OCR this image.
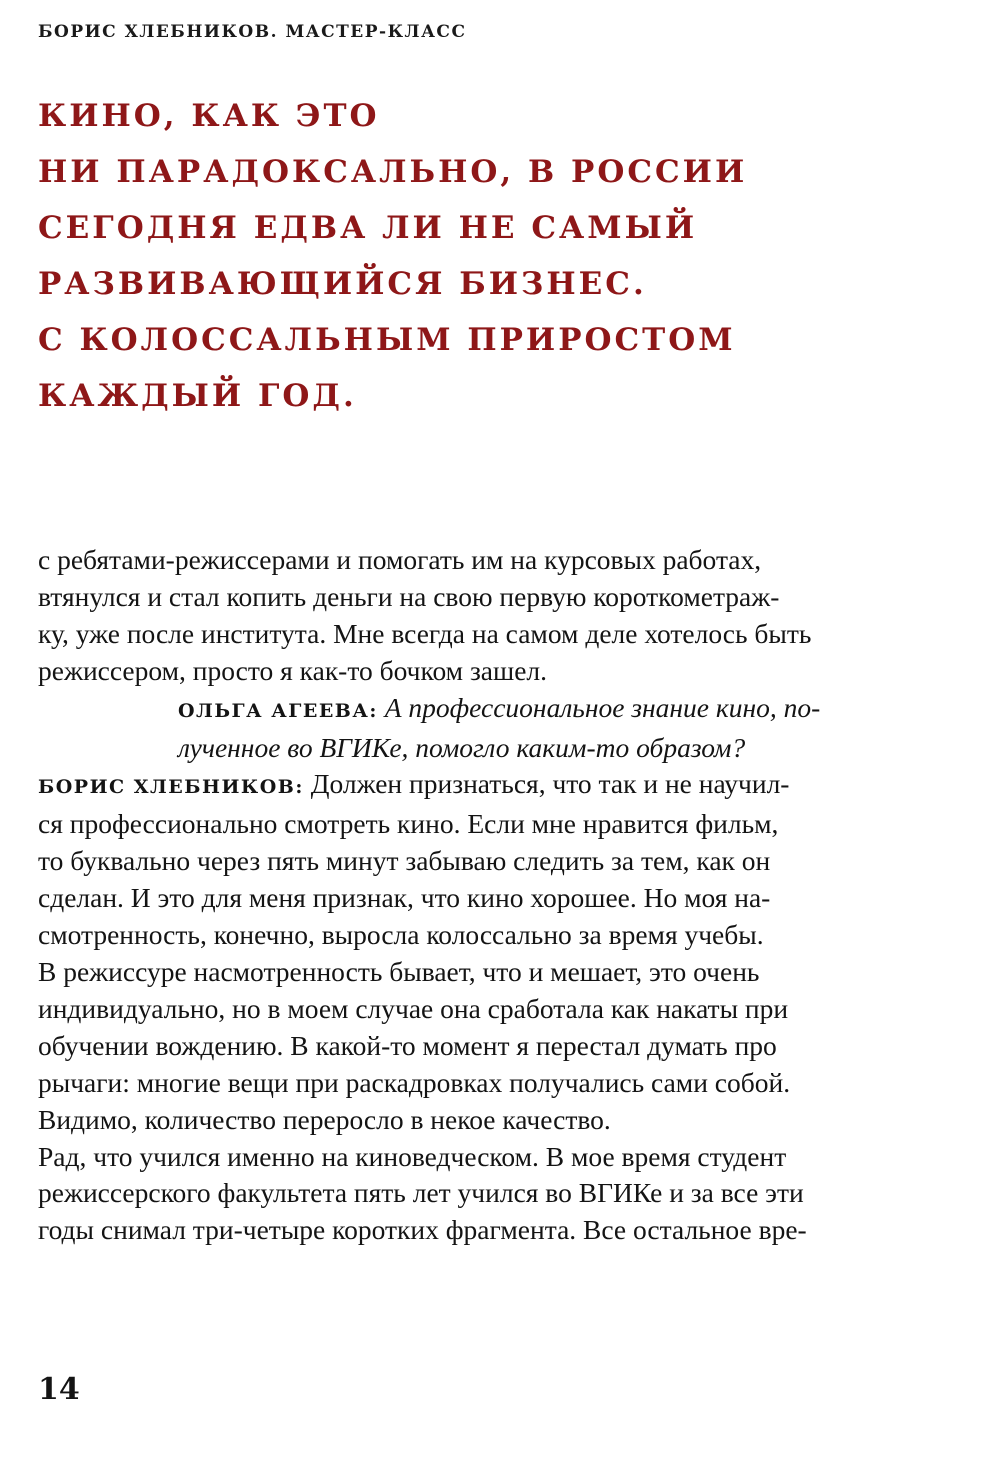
БОРИС ХЛЕБНИКОВ. МАСТЕР-КЛАСС
КИНО, КАК ЭТО
НИ ПАРАДОКСАЛЬНО, В РОССИИ
СЕГОДНЯ ЕДВА ЛИ НЕ САМЫЙ
РАЗВИВАЮЩИЙСЯ БИЗНЕС.
С КОЛОССАЛЬНЫМ ПРИРОСТОМ
КАЖДЫЙ ГОД.
с ребятами-режиссерами и помогать им на курсовых работах,
втянулся и стал копить деньги на свою первую короткометраж-
ку, уже после института. Мне всегда на самом деле хотелось быть
режиссером, просто я как-то бочком зашел.
ОЛЬГА АГЕЕВА: А профессиональное знание кино, по-
лученное во ВГИКе, помогло каким-то образом?
БОРИС ХЛЕБНИКОВ: Должен признаться, что так и не научил-
ся профессионально смотреть кино. Если мне нравится фильм,
то буквально через пять минут забываю следить за тем, как он
сделан. И это для меня признак, что кино хорошее. Но моя на-
смотренность, конечно, выросла колоссально за время учебы.
В режиссуре насмотренность бывает, что и мешает, это очень
индивидуально, но в моем случае она сработала как накаты при
обучении вождению. В какой-то момент я перестал думать про
рычаги: многие вещи при раскадровках получались сами собой.
Видимо, количество переросло в некое качество.
Рад, что учился именно на киноведческом. В мое время студент
режиссерского факультета пять лет учился во ВГИКе и за все эти
годы снимал три-четыре коротких фрагмента. Все остальное вре-
14
